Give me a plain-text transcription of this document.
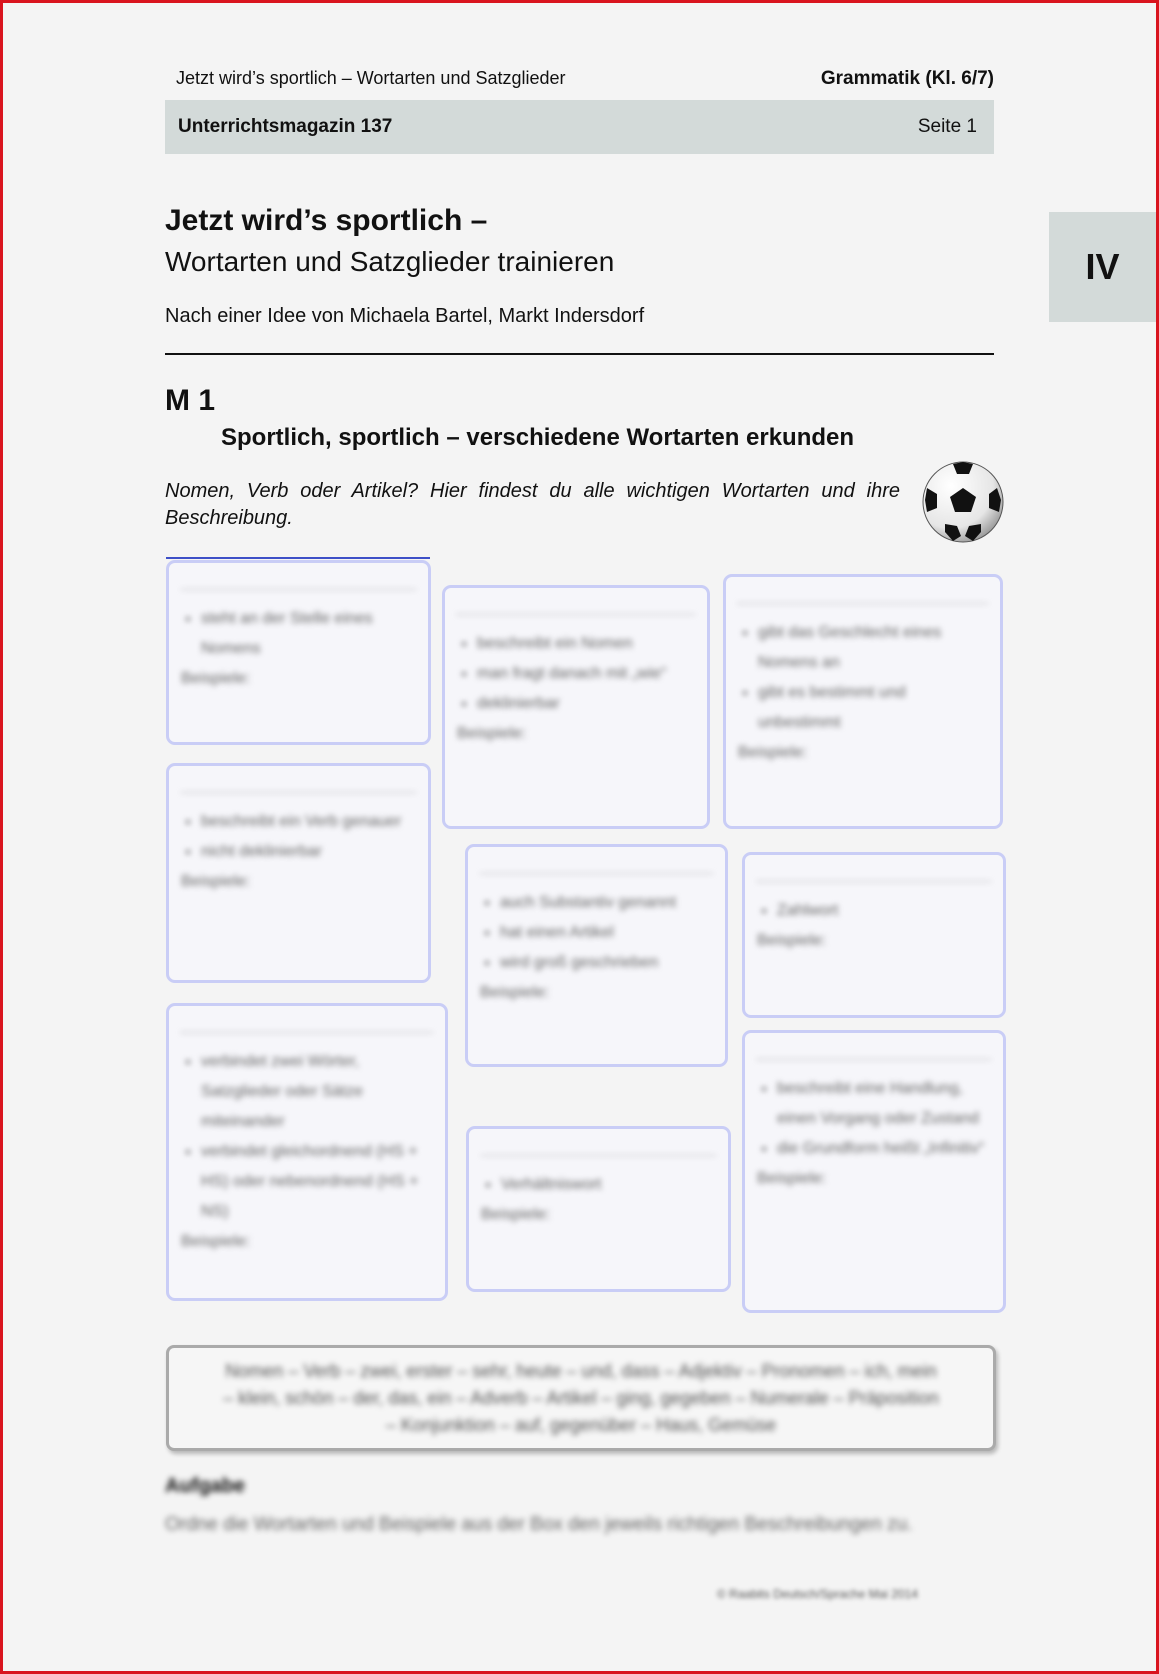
Jetzt wird’s sportlich – Wortarten und Satzglieder	Grammatik (Kl. 6/7)
Unterrichtsmagazin 137	Seite 1
IV
Jetzt wird’s sportlich –
Wortarten und Satzglieder trainieren
Nach einer Idee von Michaela Bartel, Markt Indersdorf
M 1
Sportlich, sportlich – verschiedene Wortarten erkunden
Nomen, Verb oder Artikel? Hier findest du alle wichtigen Wortarten und ihre Beschreibung.
• steht an der Stelle eines Nomens
Beispiele:
• beschreibt ein Nomen
• man fragt danach mit „wie“
• deklinierbar
Beispiele:
• gibt das Geschlecht eines Nomens an
• gibt es bestimmt und unbestimmt
Beispiele:
• beschreibt ein Verb genauer
• nicht deklinierbar
Beispiele:
• auch Substantiv genannt
• hat einen Artikel
• wird groß geschrieben
Beispiele:
• Zahlwort
Beispiele:
• verbindet zwei Wörter, Satzglieder oder Sätze miteinander
• verbindet gleichordnend (HS + HS) oder nebenordnend (HS + NS)
Beispiele:
• Verhältniswort
Beispiele:
• beschreibt eine Handlung, einen Vorgang oder Zustand
• die Grundform heißt „Infinitiv“
Beispiele:
Nomen – Verb – zwei, erster – sehr, heute – und, dass – Adjektiv – Pronomen – ich, mein – klein, schön – der, das, ein – Adverb – Artikel – ging, gegeben – Numerale – Präposition – Konjunktion – auf, gegenüber – Haus, Gemüse
Aufgabe
Ordne die Wortarten und Beispiele aus der Box den jeweils richtigen Beschreibungen zu.
© Raabits Deutsch/Sprache Mai 2014
